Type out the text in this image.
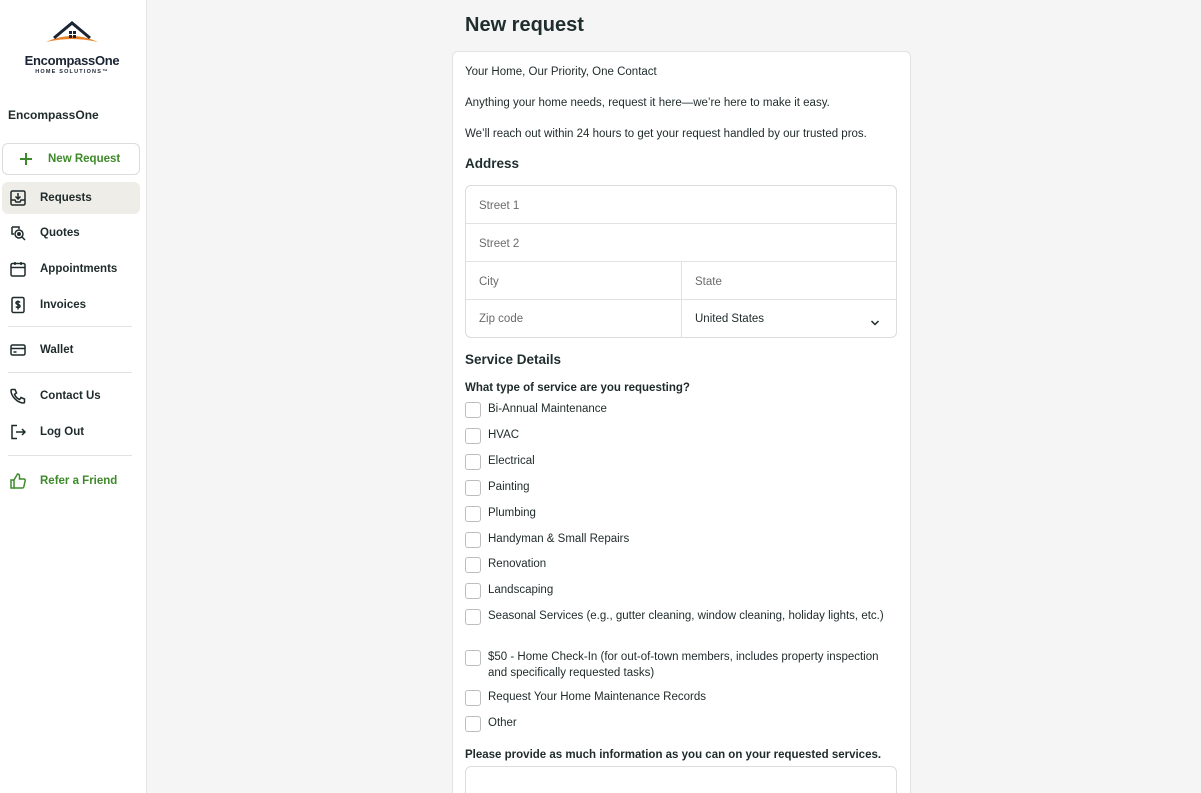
EncompassOne
HOME SOLUTIONS™
EncompassOne
New Request
Requests
Quotes
Appointments
Invoices
Wallet
Contact Us
Log Out
Refer a Friend
New request
Your Home, Our Priority, One Contact
Anything your home needs, request it here—we’re here to make it easy.
We’ll reach out within 24 hours to get your request handled by our trusted pros.
Address
Street 1
Street 2
City	State
Zip code	United States
Service Details
What type of service are you requesting?
Bi-Annual Maintenance
HVAC
Electrical
Painting
Plumbing
Handyman & Small Repairs
Renovation
Landscaping
Seasonal Services (e.g., gutter cleaning, window cleaning, holiday lights, etc.)
$50 - Home Check-In (for out-of-town members, includes property inspection and specifically requested tasks)
Request Your Home Maintenance Records
Other
Please provide as much information as you can on your requested services.
